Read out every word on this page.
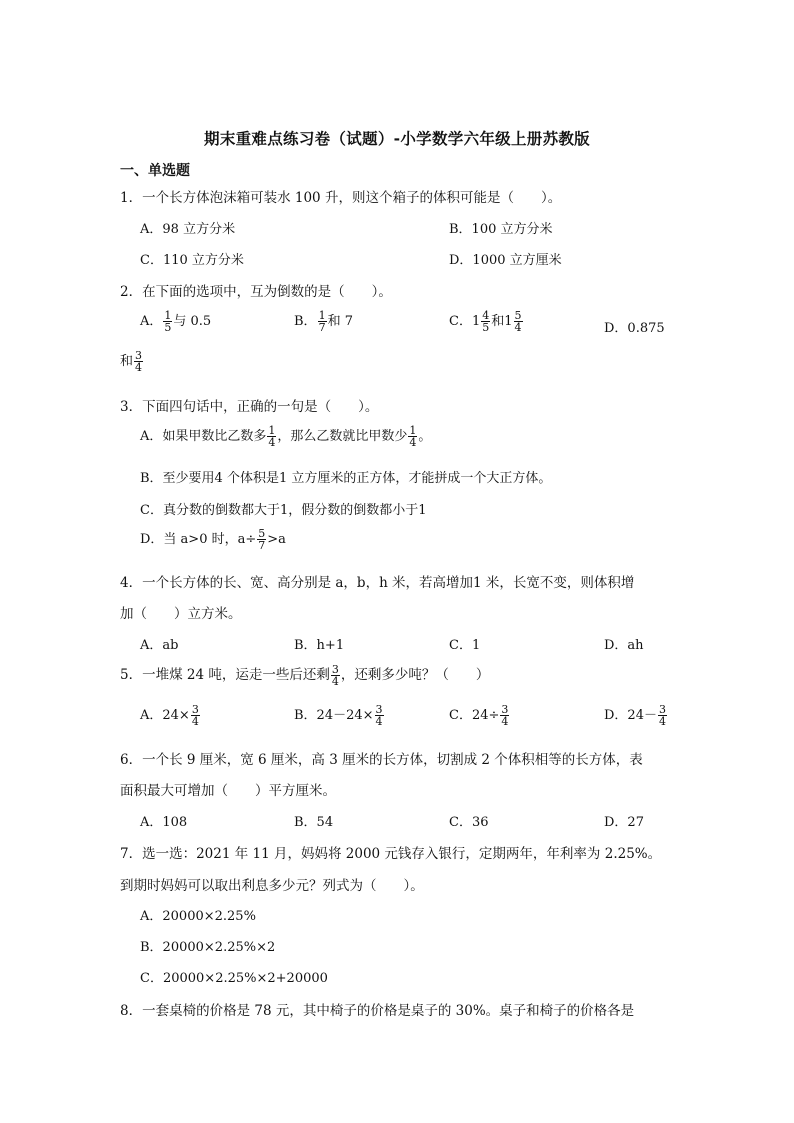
期末重难点练习卷（试题）-小学数学六年级上册苏教版
一、单选题
1．一个长方体泡沫箱可装水 100 升，则这个箱子的体积可能是（　　）。
A．98 立方分米	B．100 立方分米
C．110 立方分米	D．1000 立方厘米
2．在下面的选项中，互为倒数的是（　　）。
A． $\frac{1}{5}$ 与 0.5	B． $\frac{1}{7}$ 和 7	C．$1 \frac{4}{5}$ 和$1 \frac{5}{4}$	D．0.875
和 $\frac{3}{4}$
3．下面四句话中，正确的一句是（　　）。
A．如果甲数比乙数多 $\frac{1}{4}$ ，那么乙数就比甲数少 $\frac{1}{4}$ 。
B．至少要用4 个体积是1 立方厘米的正方体，才能拼成一个大正方体。
C．真分数的倒数都大于1，假分数的倒数都小于1
D．当 a>0 时，$a\div \frac{5}{7} >a$
4．一个长方体的长、宽、高分别是 a，b，h 米，若高增加1 米，长宽不变，则体积增
加（　　）立方米。
A．ab	B．h+1	C．1	D．ah
5．一堆煤 24 吨，运走一些后还剩 $\frac{3}{4}$ ，还剩多少吨？（　　）
A．$24\times \frac{3}{4}$	B．$24-24\times \frac{3}{4}$	C．$24\div \frac{3}{4}$	D．$24- \frac{3}{4}$
6．一个长 9 厘米，宽 6 厘米，高 3 厘米的长方体，切割成 2 个体积相等的长方体，表
面积最大可增加（　　）平方厘米。
A．108	B．54	C．36	D．27
7．选一选：2021 年 11 月，妈妈将 2000 元钱存入银行，定期两年，年利率为 2.25%。
到期时妈妈可以取出利息多少元？列式为（　　）。
A．20000×2.25%
B．20000×2.25%×2
C．20000×2.25%×2+20000
8．一套桌椅的价格是 78 元，其中椅子的价格是桌子的 30%。桌子和椅子的价格各是
